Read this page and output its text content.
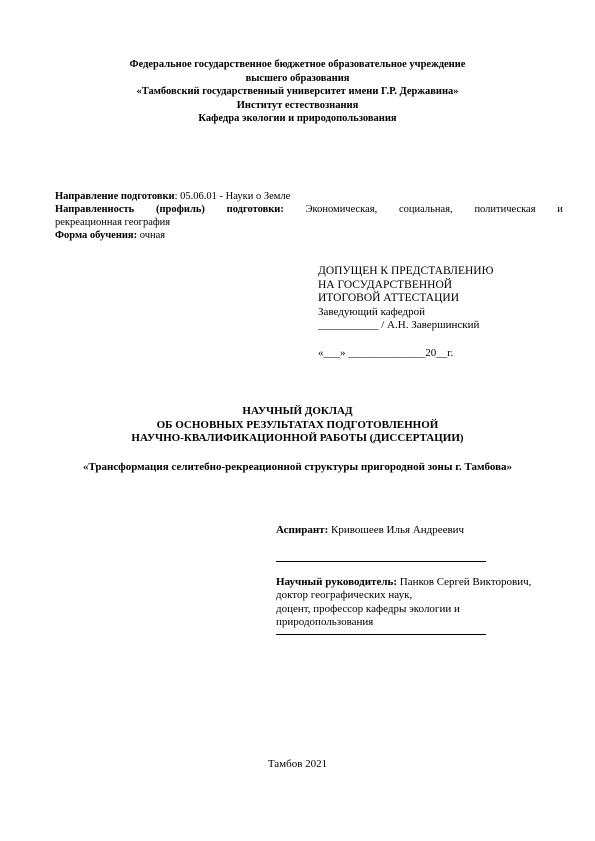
Федеральное государственное бюджетное образовательное учреждение
высшего образования
«Тамбовский государственный университет имени Г.Р. Державина»
Институт естествознания
Кафедра экологии и природопользования
Направление подготовки: 05.06.01 - Науки о Земле
Направленность (профиль) подготовки: Экономическая, социальная, политическая и
рекреационная география
Форма обучения: очная
ДОПУЩЕН К ПРЕДСТАВЛЕНИЮ
НА ГОСУДАРСТВЕННОЙ
ИТОГОВОЙ АТТЕСТАЦИИ
Заведующий кафедрой
___________ / А.Н. Завершинский
«___» ______________20__г.
НАУЧНЫЙ ДОКЛАД
ОБ ОСНОВНЫХ РЕЗУЛЬТАТАХ ПОДГОТОВЛЕННОЙ
НАУЧНО-КВАЛИФИКАЦИОННОЙ РАБОТЫ (ДИССЕРТАЦИИ)
«Трансформация селитебно-рекреационной структуры пригородной зоны г. Тамбова»
Аспирант: Кривошеев Илья Андреевич
Научный руководитель: Панков Сергей Викторович,
доктор географических наук,
доцент, профессор кафедры экологии и
природопользования
Тамбов 2021
